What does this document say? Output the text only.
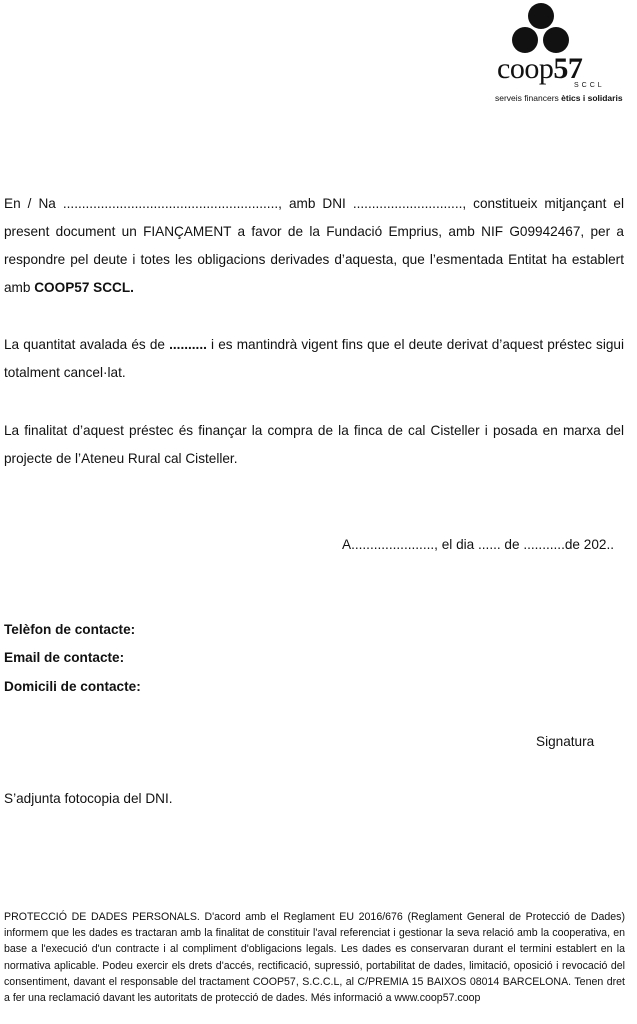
coop57
SCCL
serveis financers ètics i solidaris
En / Na ........................................................., amb DNI ............................., constitueix mitjançant el present document un FIANÇAMENT a favor de la Fundació Emprius, amb NIF G09942467, per a respondre pel deute i totes les obligacions derivades d’aquesta, que l’esmentada Entitat ha establert amb COOP57 SCCL.
La quantitat avalada és de .......... i es mantindrà vigent fins que el deute derivat d’aquest préstec sigui totalment cancel·lat.
La finalitat d’aquest préstec és finançar la compra de la finca de cal Cisteller i posada en marxa del projecte de l’Ateneu Rural cal Cisteller.
A......................, el dia ...... de ...........de 202..
Telèfon de contacte:
Email de contacte:
Domicili de contacte:
Signatura
S’adjunta fotocopia del DNI.
PROTECCIÓ DE DADES PERSONALS. D'acord amb el Reglament EU 2016/676 (Reglament General de Protecció de Dades) informem que les dades es tractaran amb la finalitat de constituir l'aval referenciat i gestionar la seva relació amb la cooperativa, en base a l'execució d'un contracte i al compliment d'obligacions legals. Les dades es conservaran durant el termini establert en la normativa aplicable. Podeu exercir els drets d'accés, rectificació, supressió, portabilitat de dades, limitació, oposició i revocació del consentiment, davant el responsable del tractament COOP57, S.C.C.L, al C/PREMIA 15 BAIXOS 08014 BARCELONA. Tenen dret a fer una reclamació davant les autoritats de protecció de dades. Més informació a www.coop57.coop
